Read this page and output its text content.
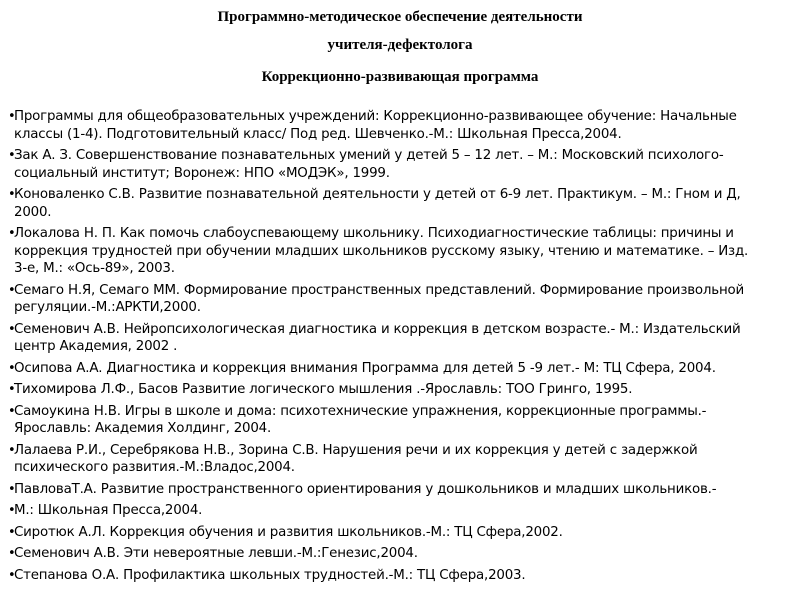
Программно-методическое обеспечение деятельности
учителя-дефектолога
Коррекционно-развивающая программа
•
Программы для общеобразовательных учреждений: Коррекционно-развивающее обучение: Начальные классы (1-4). Подготовительный класс/ Под ред. Шевченко.-М.: Школьная Пресса,2004.
•
Зак А. З. Совершенствование познавательных умений у детей 5 – 12 лет. – М.: Московский психолого-социальный институт; Воронеж: НПО «МОДЭК», 1999.
•
Коноваленко С.В. Развитие познавательной деятельности у детей от 6-9 лет. Практикум. – М.: Гном и Д, 2000.
•
Локалова Н. П. Как помочь слабоуспевающему школьнику. Психодиагностические таблицы: причины и коррекция трудностей при обучении младших школьников русскому языку, чтению и математике. – Изд. 3-е, М.: «Ось-89», 2003.
•
Семаго Н.Я, Семаго ММ. Формирование пространственных представлений. Формирование произвольной регуляции.-М.:АРКТИ,2000.
•
Семенович А.В. Нейропсихологическая диагностика и коррекция в детском возрасте.- М.: Издательский центр Академия, 2002 .
•
Осипова А.А. Диагностика и коррекция внимания Программа для детей 5 -9 лет.- М: ТЦ Сфера, 2004.
•
Тихомирова Л.Ф., Басов Развитие логического мышления .-Ярославль: ТОО Гринго, 1995.
•
Самоукина Н.В. Игры в школе и дома: психотехнические упражнения, коррекционные программы.- Ярославль: Академия Холдинг, 2004.
•
Лалаева Р.И., Серебрякова Н.В., Зорина С.В. Нарушения речи и их коррекция у детей с задержкой психического развития.-М.:Владос,2004.
•
ПавловаТ.А. Развитие пространственного ориентирования у дошкольников и младших школьников.-
•
М.: Школьная Пресса,2004.
•
Сиротюк А.Л. Коррекция обучения и развития школьников.-М.: ТЦ Сфера,2002.
•
Семенович А.В. Эти невероятные левши.-М.:Генезис,2004.
•
Степанова О.А. Профилактика школьных трудностей.-М.: ТЦ Сфера,2003.
